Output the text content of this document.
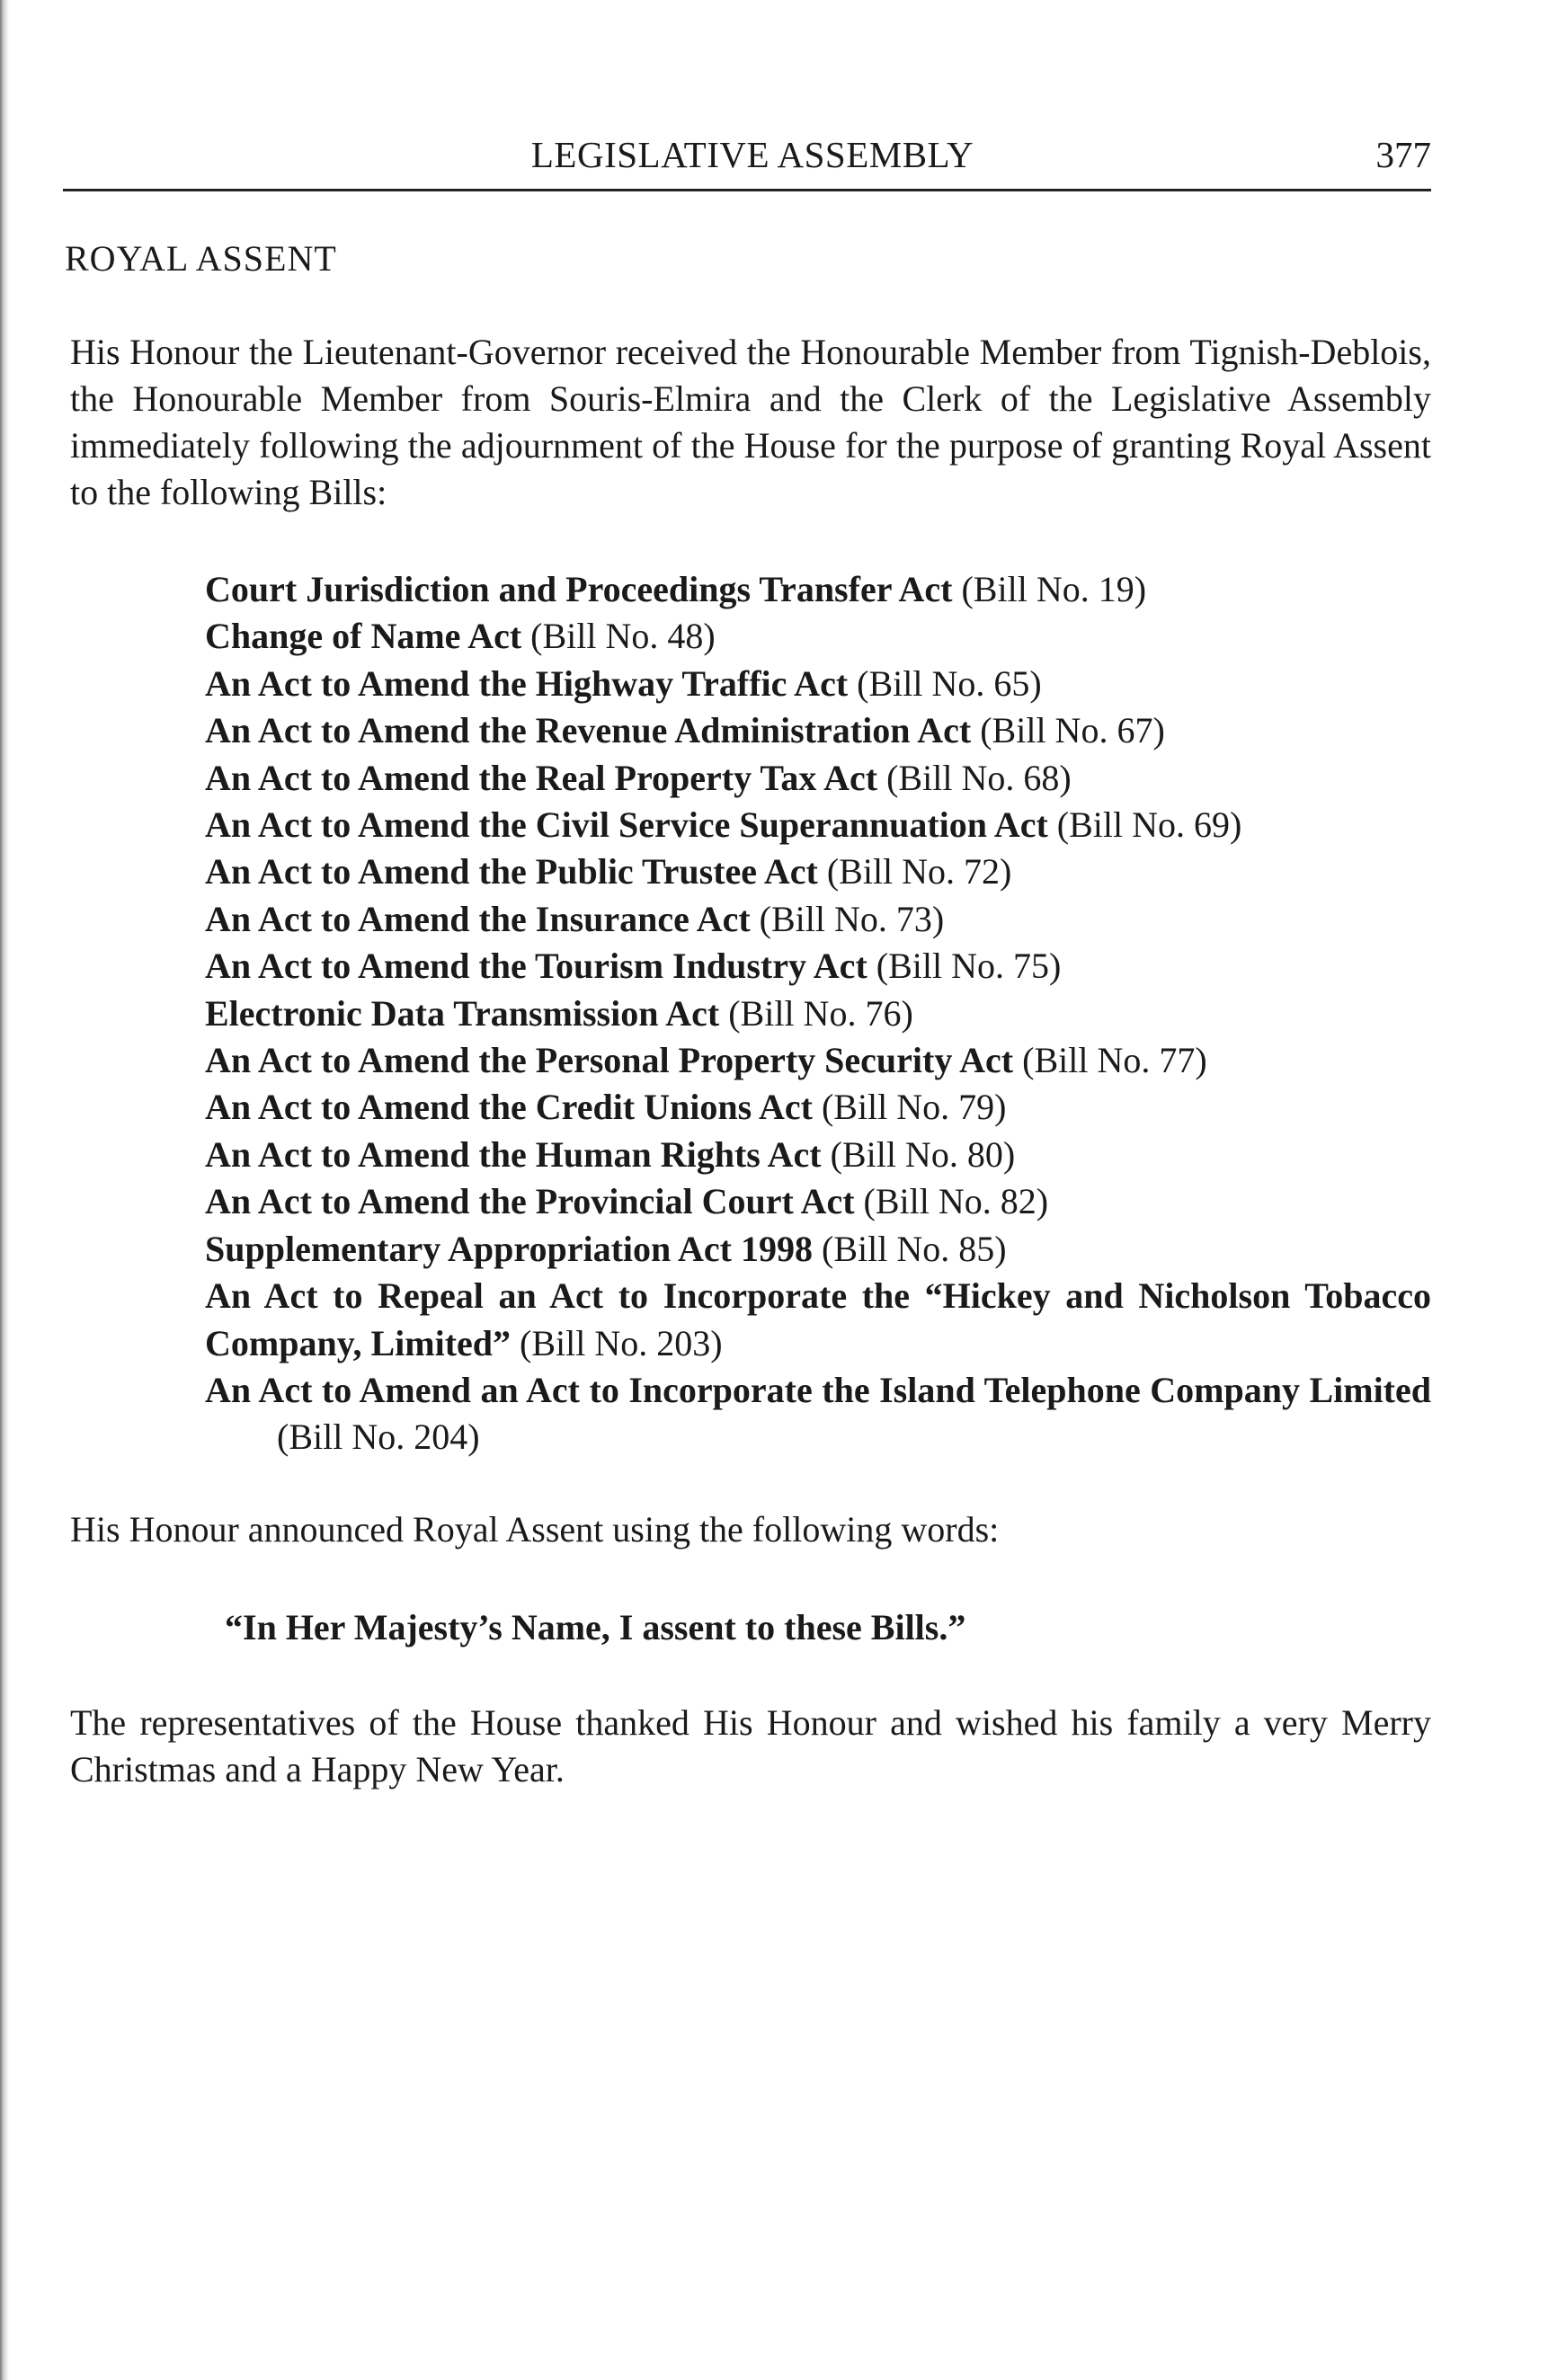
LEGISLATIVE ASSEMBLY	377
ROYAL ASSENT
His Honour the Lieutenant-Governor received the Honourable Member from Tignish-Deblois, the Honourable Member from Souris-Elmira and the Clerk of the Legislative Assembly immediately following the adjournment of the House for the purpose of granting Royal Assent to the following Bills:
Court Jurisdiction and Proceedings Transfer Act (Bill No. 19)
Change of Name Act (Bill No. 48)
An Act to Amend the Highway Traffic Act (Bill No. 65)
An Act to Amend the Revenue Administration Act (Bill No. 67)
An Act to Amend the Real Property Tax Act (Bill No. 68)
An Act to Amend the Civil Service Superannuation Act (Bill No. 69)
An Act to Amend the Public Trustee Act (Bill No. 72)
An Act to Amend the Insurance Act (Bill No. 73)
An Act to Amend the Tourism Industry Act (Bill No. 75)
Electronic Data Transmission Act (Bill No. 76)
An Act to Amend the Personal Property Security Act (Bill No. 77)
An Act to Amend the Credit Unions Act (Bill No. 79)
An Act to Amend the Human Rights Act (Bill No. 80)
An Act to Amend the Provincial Court Act (Bill No. 82)
Supplementary Appropriation Act 1998 (Bill No. 85)
An Act to Repeal an Act to Incorporate the “Hickey and Nicholson Tobacco Company, Limited” (Bill No. 203)
An Act to Amend an Act to Incorporate the Island Telephone Company Limited (Bill No. 204)
His Honour announced Royal Assent using the following words:
“In Her Majesty’s Name, I assent to these Bills.”
The representatives of the House thanked His Honour and wished his family a very Merry Christmas and a Happy New Year.
